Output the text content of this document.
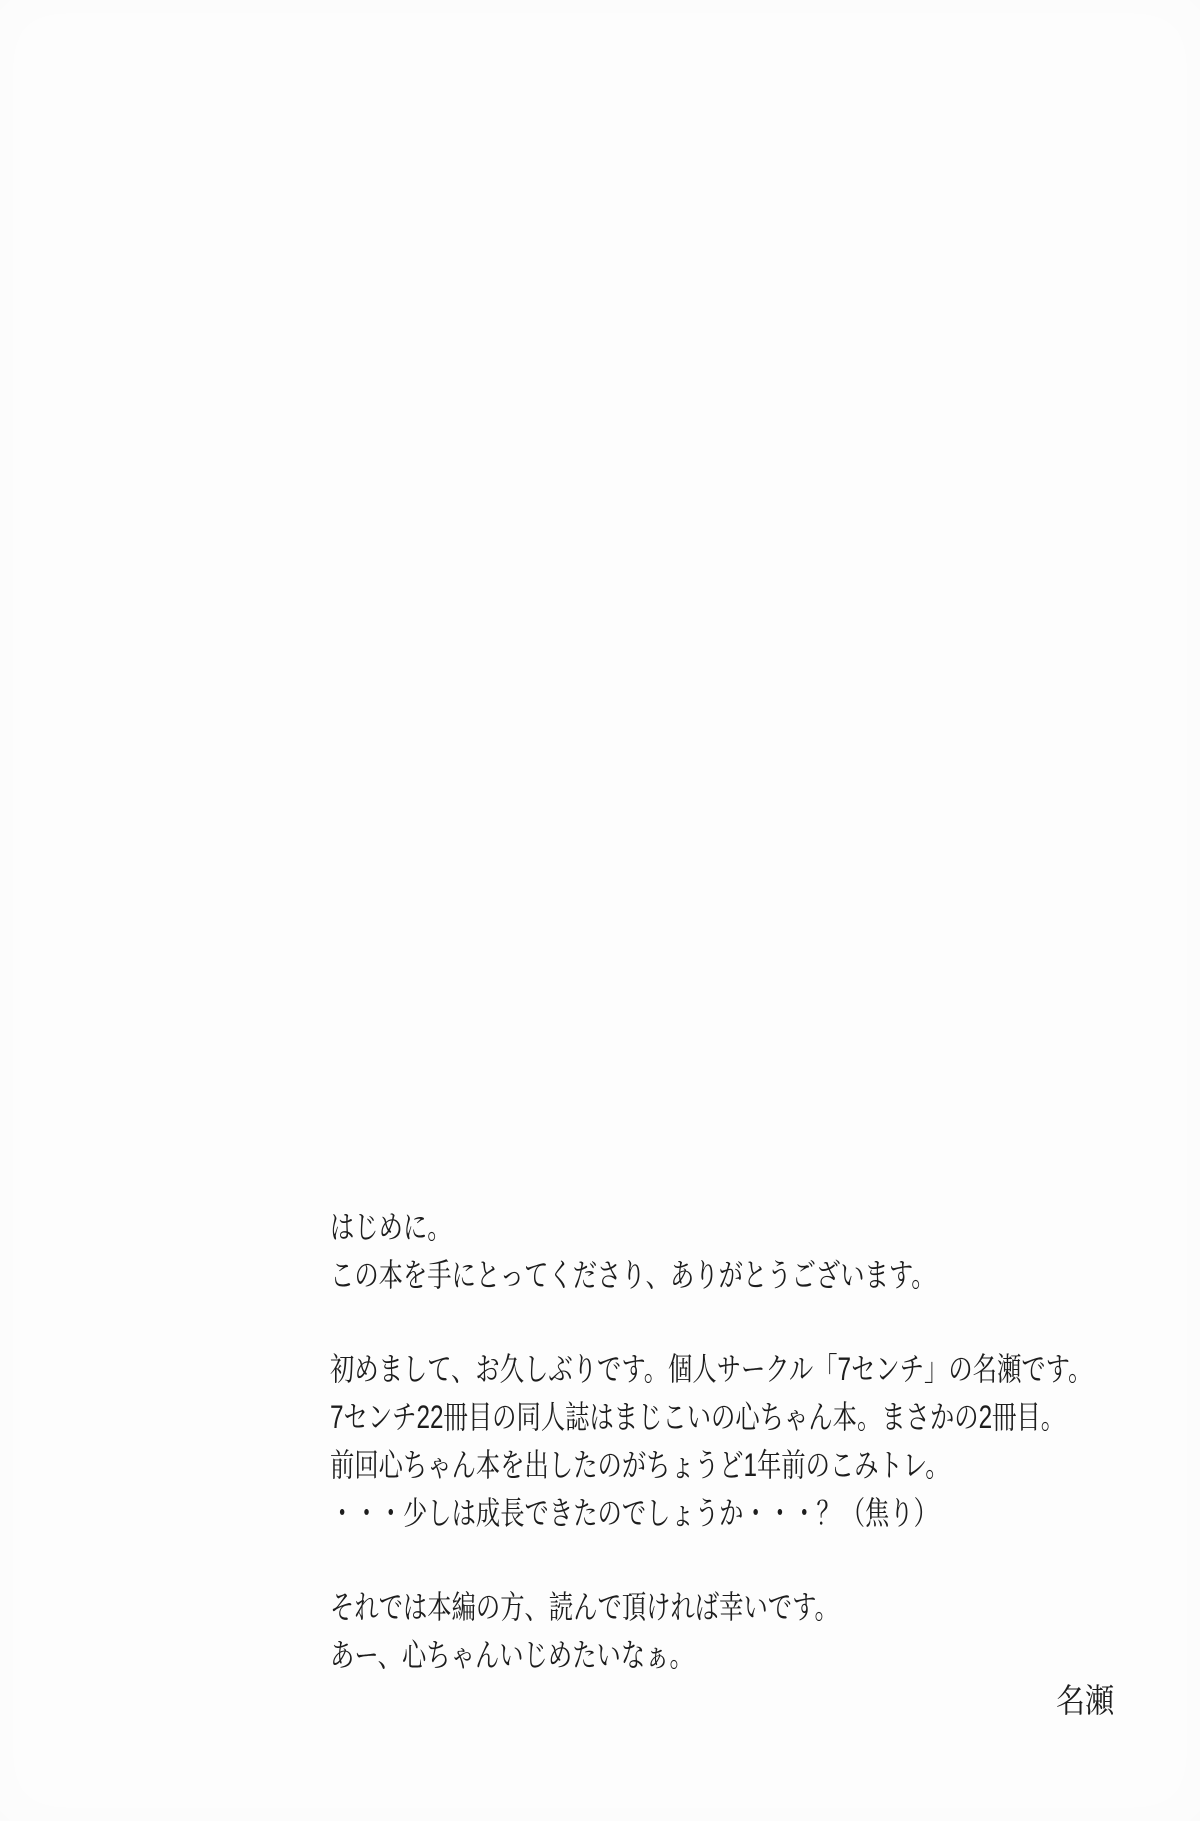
はじめに。
この本を手にとってくださり、ありがとうございます。
初めまして、お久しぶりです。個人サークル「7センチ」の名瀬です。
7センチ22冊目の同人誌はまじこいの心ちゃん本。まさかの2冊目。
前回心ちゃん本を出したのがちょうど1年前のこみトレ。
・・・少しは成長できたのでしょうか・・・？（焦り）
それでは本編の方、読んで頂ければ幸いです。
あー、心ちゃんいじめたいなぁ。
名瀬
